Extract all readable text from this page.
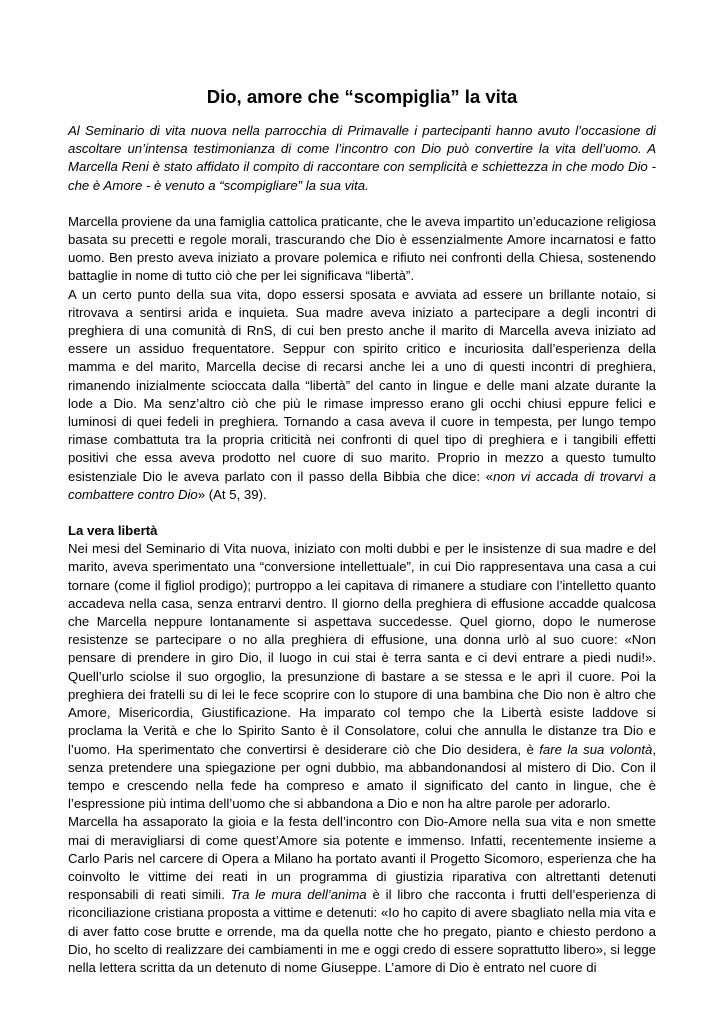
Dio, amore che “scompiglia” la vita

Al Seminario di vita nuova nella parrocchia di Primavalle i partecipanti hanno avuto l’occasione di ascoltare un’intensa testimonianza di come l’incontro con Dio può convertire la vita dell’uomo. A Marcella Reni è stato affidato il compito di raccontare con semplicità e schiettezza in che modo Dio - che è Amore - è venuto a “scompigliare” la sua vita.

Marcella proviene da una famiglia cattolica praticante, che le aveva impartito un’educazione religiosa basata su precetti e regole morali, trascurando che Dio è essenzialmente Amore incarnatosi e fatto uomo. Ben presto aveva iniziato a provare polemica e rifiuto nei confronti della Chiesa, sostenendo battaglie in nome di tutto ciò che per lei significava “libertà”.

A un certo punto della sua vita, dopo essersi sposata e avviata ad essere un brillante notaio, si ritrovava a sentirsi arida e inquieta. Sua madre aveva iniziato a partecipare a degli incontri di preghiera di una comunità di RnS, di cui ben presto anche il marito di Marcella aveva iniziato ad essere un assiduo frequentatore. Seppur con spirito critico e incuriosita dall’esperienza della mamma e del marito, Marcella decise di recarsi anche lei a uno di questi incontri di preghiera, rimanendo inizialmente scioccata dalla “libertà” del canto in lingue e delle mani alzate durante la lode a Dio. Ma senz’altro ciò che più le rimase impresso erano gli occhi chiusi eppure felici e luminosi di quei fedeli in preghiera. Tornando a casa aveva il cuore in tempesta, per lungo tempo rimase combattuta tra la propria criticità nei confronti di quel tipo di preghiera e i tangibili effetti positivi che essa aveva prodotto nel cuore di suo marito. Proprio in mezzo a questo tumulto esistenziale Dio le aveva parlato con il passo della Bibbia che dice: «non vi accada di trovarvi a combattere contro Dio» (At 5, 39).

La vera libertà

Nei mesi del Seminario di Vita nuova, iniziato con molti dubbi e per le insistenze di sua madre e del marito, aveva sperimentato una “conversione intellettuale”, in cui Dio rappresentava una casa a cui tornare (come il figliol prodigo); purtroppo a lei capitava di rimanere a studiare con l’intelletto quanto accadeva nella casa, senza entrarvi dentro. Il giorno della preghiera di effusione accadde qualcosa che Marcella neppure lontanamente si aspettava succedesse. Quel giorno, dopo le numerose resistenze se partecipare o no alla preghiera di effusione, una donna urlò al suo cuore: «Non pensare di prendere in giro Dio, il luogo in cui stai è terra santa e ci devi entrare a piedi nudi!». Quell’urlo sciolse il suo orgoglio, la presunzione di bastare a se stessa e le aprì il cuore. Poi la preghiera dei fratelli su di lei le fece scoprire con lo stupore di una bambina che Dio non è altro che Amore, Misericordia, Giustificazione. Ha imparato col tempo che la Libertà esiste laddove si proclama la Verità e che lo Spirito Santo è il Consolatore, colui che annulla le distanze tra Dio e l’uomo. Ha sperimentato che convertirsi è desiderare ciò che Dio desidera, è fare la sua volontà, senza pretendere una spiegazione per ogni dubbio, ma abbandonandosi al mistero di Dio. Con il tempo e crescendo nella fede ha compreso e amato il significato del canto in lingue, che è l’espressione più intima dell’uomo che si abbandona a Dio e non ha altre parole per adorarlo.

Marcella ha assaporato la gioia e la festa dell’incontro con Dio-Amore nella sua vita e non smette mai di meravigliarsi di come quest’Amore sia potente e immenso. Infatti, recentemente insieme a Carlo Paris nel carcere di Opera a Milano ha portato avanti il Progetto Sicomoro, esperienza che ha coinvolto le vittime dei reati in un programma di giustizia riparativa con altrettanti detenuti responsabili di reati simili. Tra le mura dell’anima è il libro che racconta i frutti dell’esperienza di riconciliazione cristiana proposta a vittime e detenuti: «Io ho capito di avere sbagliato nella mia vita e di aver fatto cose brutte e orrende, ma da quella notte che ho pregato, pianto e chiesto perdono a Dio, ho scelto di realizzare dei cambiamenti in me e oggi credo di essere soprattutto libero», si legge nella lettera scritta da un detenuto di nome Giuseppe. L’amore di Dio è entrato nel cuore di
